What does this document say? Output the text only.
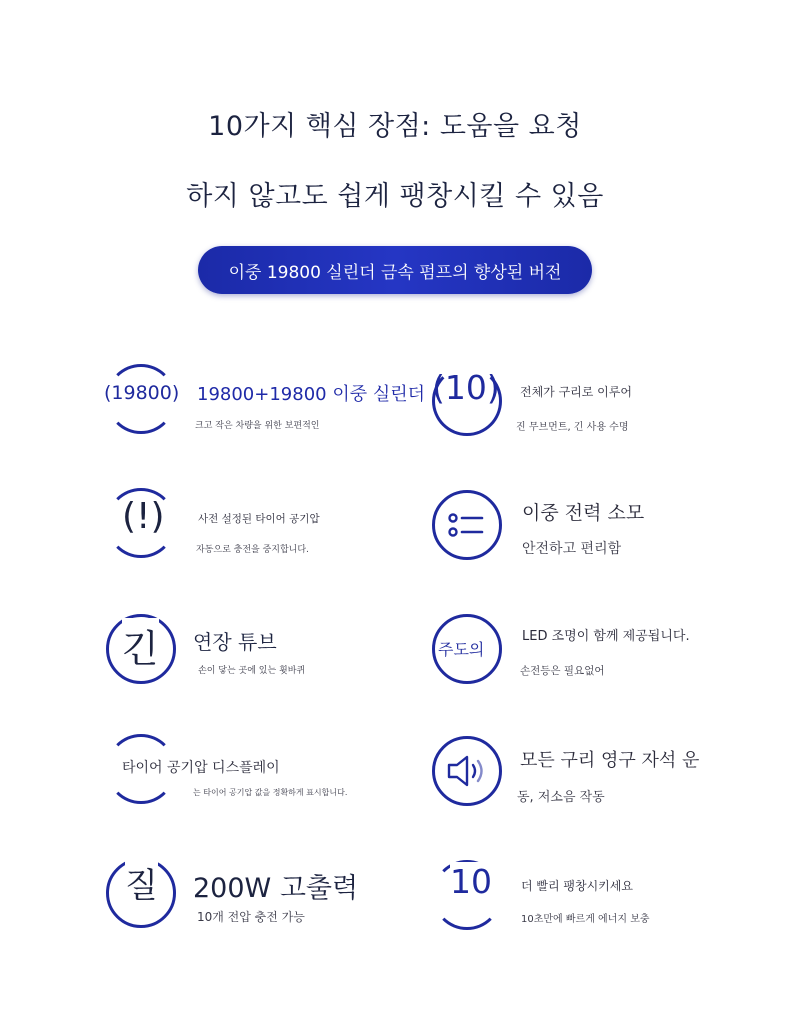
10가지 핵심 장점: 도움을 요청
하지 않고도 쉽게 팽창시킬 수 있음
이중 19800 실린더 금속 펌프의 향상된 버전
(19800) 19800+19800 이중 실린더
크고 작은 차량을 위한 보편적인
(10) 전체가 구리로 이루어
진 무브먼트, 긴 사용 수명
(!)	사전 설정된 타이어 공기압
자동으로 충전을 중지합니다.
이중 전력 소모
안전하고 편리함
긴 연장 튜브
손이 닿는 곳에 있는 휫바퀴
주도의
LED 조명이 함께 제공됩니다.
손전등은 필요없어
타이어 공기압 디스플레이
는 타이어 공기압 값을 정확하게 표시합니다.
모든 구리 영구 자석 운
동, 저소음 작동
질 200W 고출력
10개 전압 충전 가능
10 더 빨리 팽창시키세요
10초만에 빠르게 에너지 보충
